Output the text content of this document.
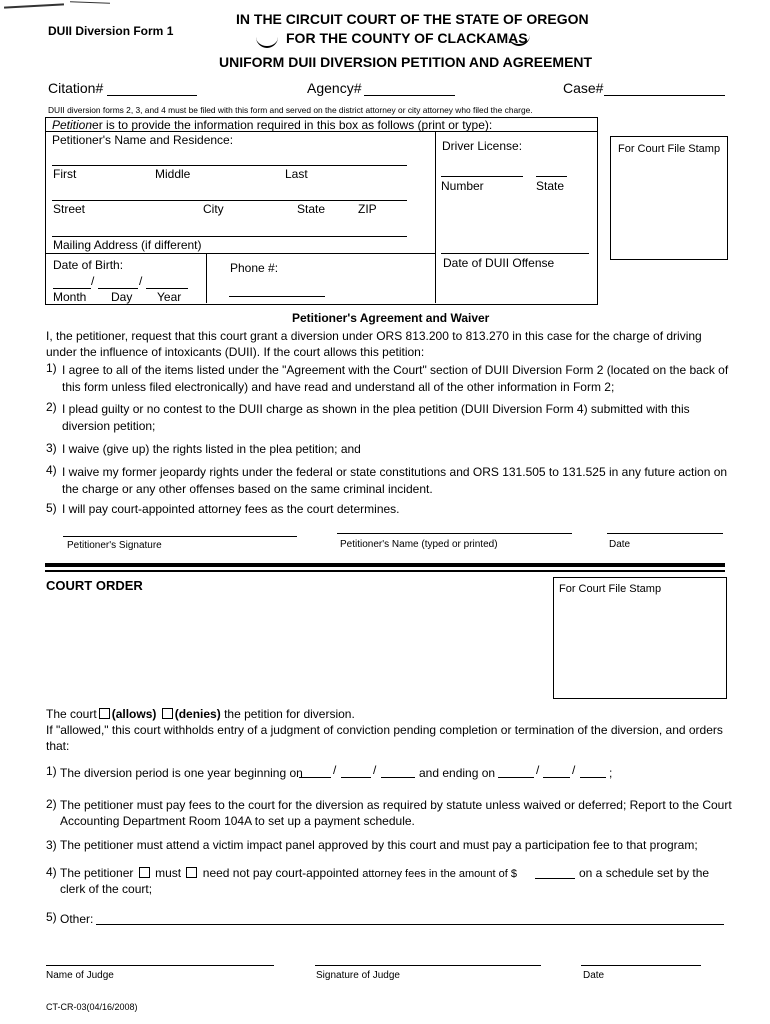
DUII Diversion Form 1
IN THE CIRCUIT COURT OF THE STATE OF OREGON
FOR THE COUNTY OF CLACKAMAS
UNIFORM DUII DIVERSION PETITION AND AGREEMENT
Citation#	Agency#	Case#
DUII diversion forms 2, 3, and 4 must be filed with this form and served on the district attorney or city attorney who filed the charge.
Petitioner is to provide the information required in this box as follows (print or type):
Petitioner's Name and Residence:
First	Middle	Last
Street	City	State	ZIP
Mailing Address (if different)
Date of Birth:
/	/
Month Day Year
Phone #:
Driver License:
Number	State
Date of DUII Offense
For Court File Stamp
Petitioner's Agreement and Waiver
I, the petitioner, request that this court grant a diversion under ORS 813.200 to 813.270 in this case for the charge of driving under the influence of intoxicants (DUII). If the court allows this petition:
1) I agree to all of the items listed under the "Agreement with the Court" section of DUII Diversion Form 2 (located on the back of this form unless filed electronically) and have read and understand all of the other information in Form 2;
2) I plead guilty or no contest to the DUII charge as shown in the plea petition (DUII Diversion Form 4) submitted with this diversion petition;
3) I waive (give up) the rights listed in the plea petition; and
4) I waive my former jeopardy rights under the federal or state constitutions and ORS 131.505 to 131.525 in any future action on the charge or any other offenses based on the same criminal incident.
5) I will pay court-appointed attorney fees as the court determines.
Petitioner's Signature	Petitioner's Name (typed or printed)	Date
COURT ORDER	For Court File Stamp
The court (allows) (denies) the petition for diversion.
If "allowed," this court withholds entry of a judgment of conviction pending completion or termination of the diversion, and orders that:
1) The diversion period is one year beginning on	/	/	and ending on	/	/	;
2) The petitioner must pay fees to the court for the diversion as required by statute unless waived or deferred; Report to the Court Accounting Department Room 104A to set up a payment schedule.
3) The petitioner must attend a victim impact panel approved by this court and must pay a participation fee to that program;
4) The petitioner must need not pay court-appointed attorney fees in the amount of $	on a schedule set by the
clerk of the court;
5) Other:
Name of Judge	Signature of Judge	Date
CT-CR-03(04/16/2008)
